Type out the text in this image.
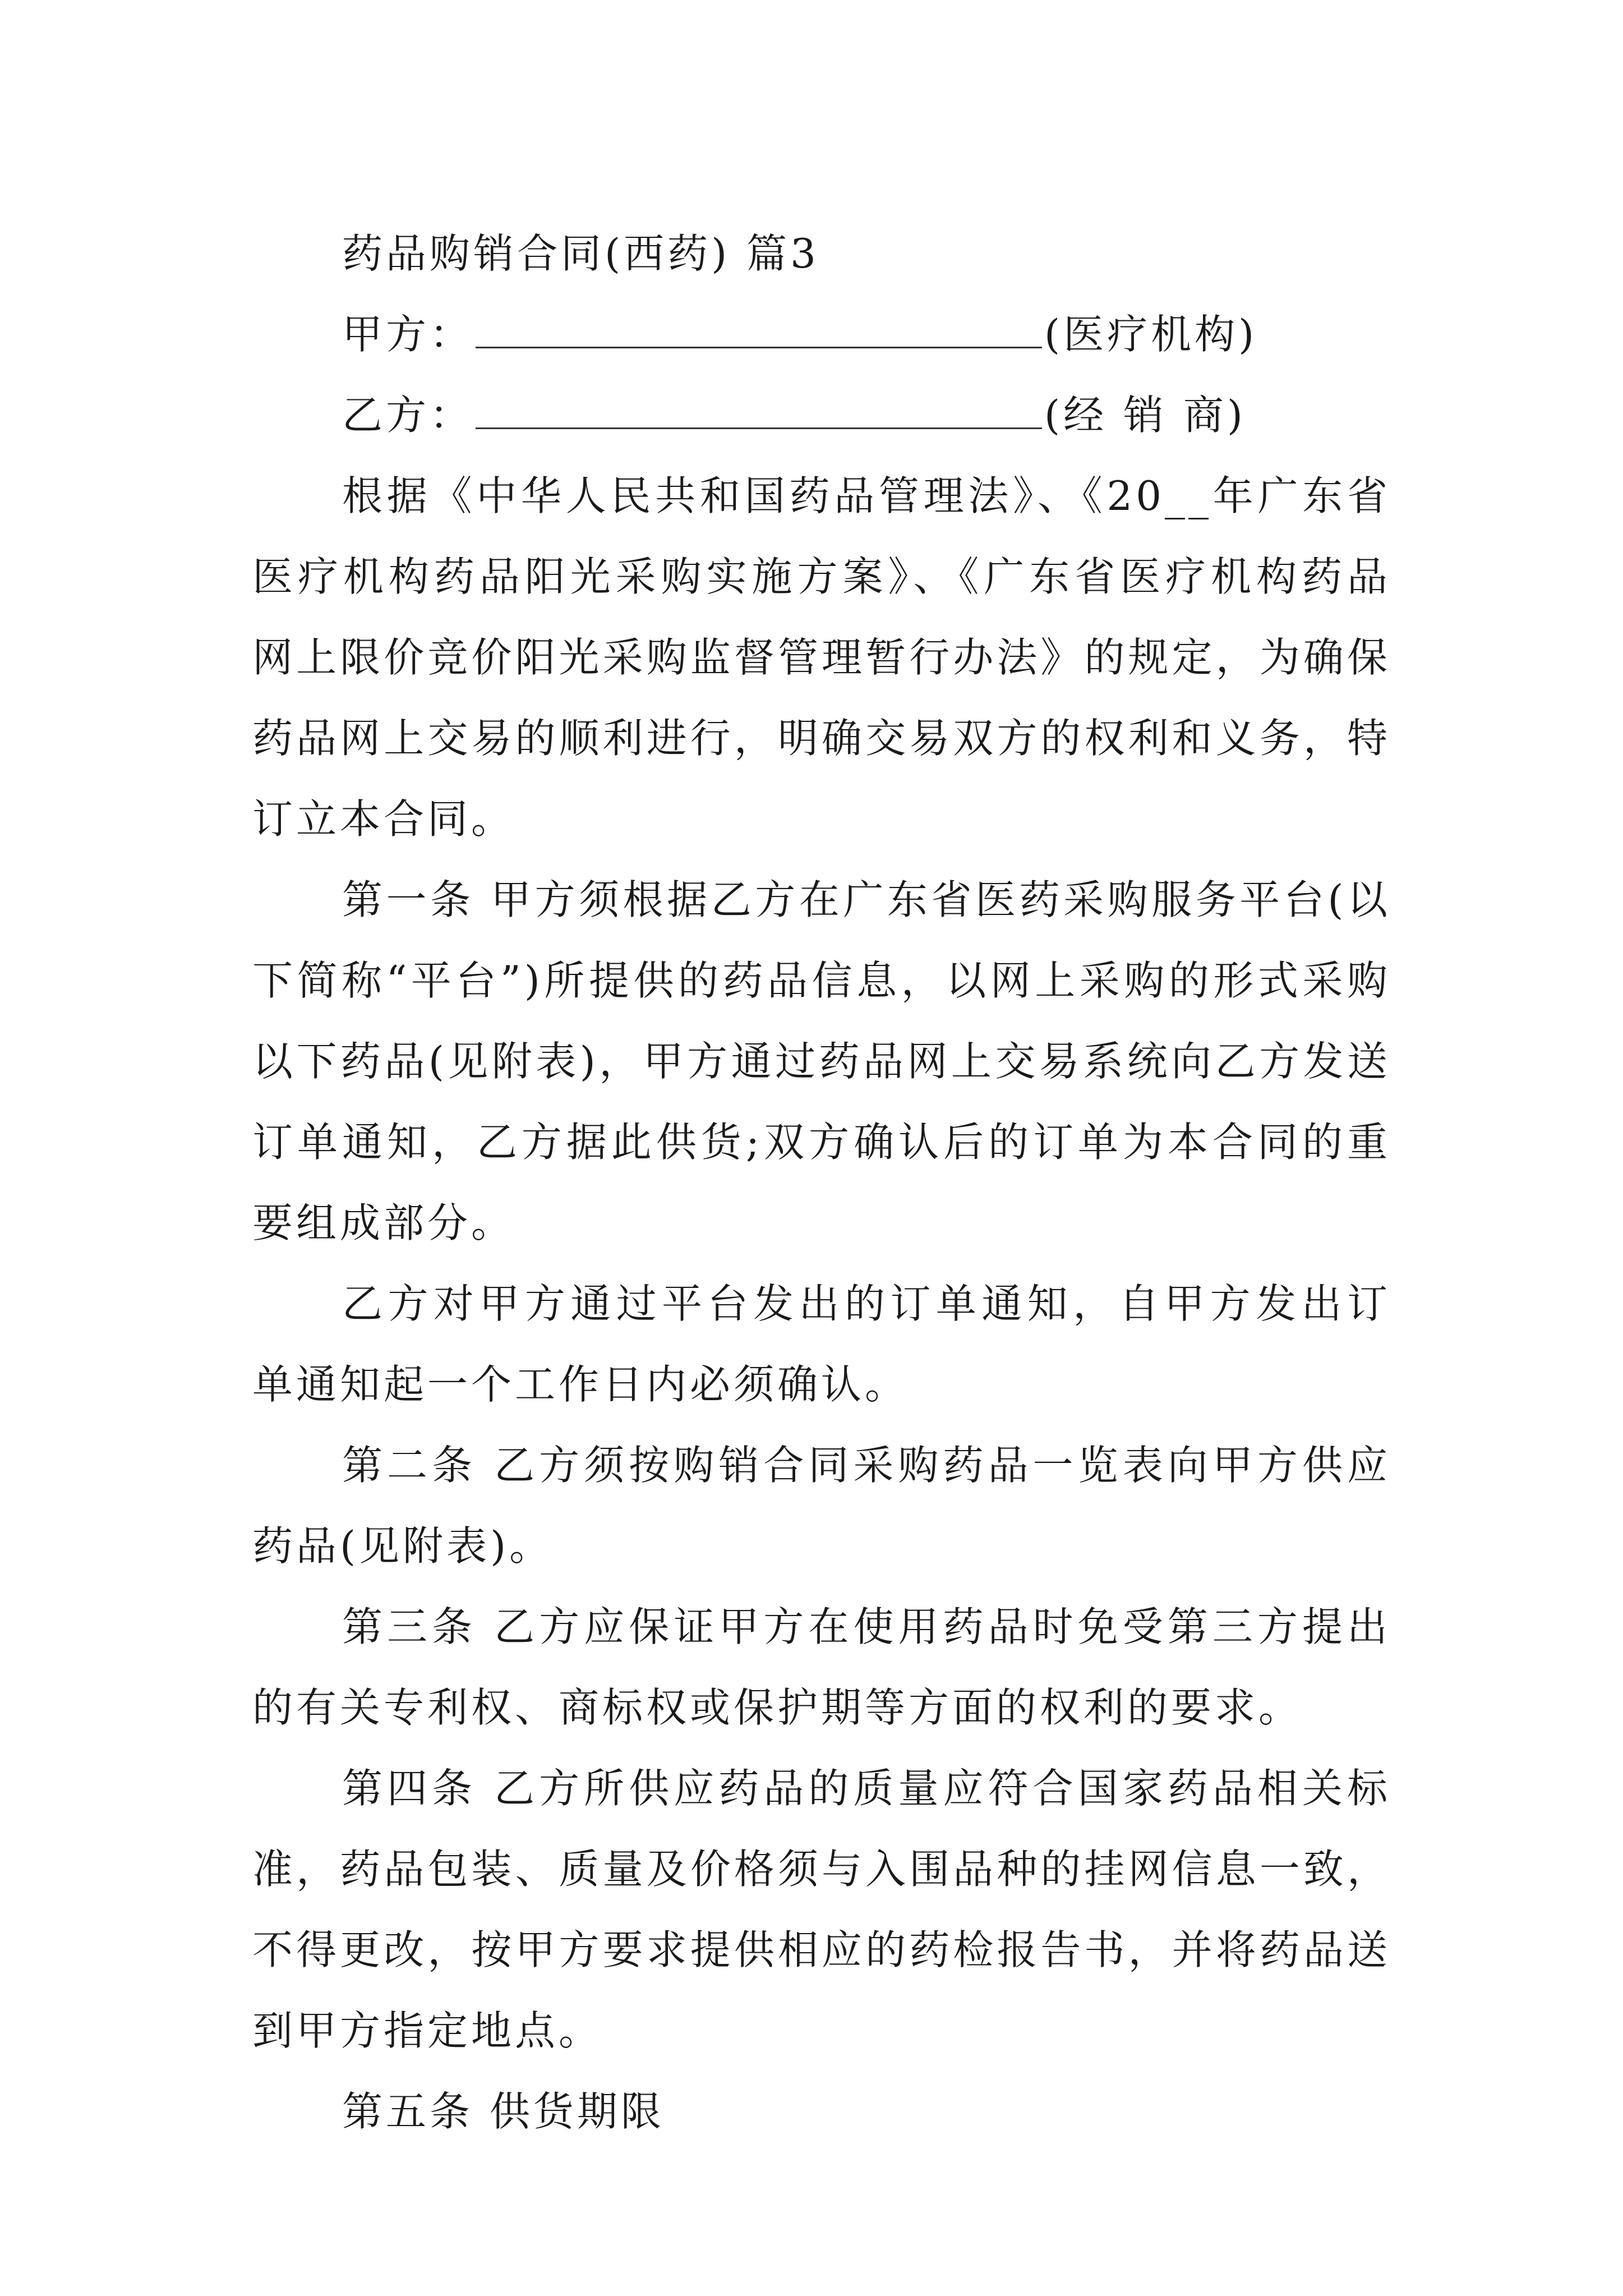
药品购销合同(西药) 篇3
甲方：	(医疗机构)
乙方：	(经 销 商)

根据《中华人民共和国药品管理法》、《20__年广东省医疗机构药品阳光采购实施方案》、《广东省医疗机构药品网上限价竞价阳光采购监督管理暂行办法》的规定，为确保药品网上交易的顺利进行，明确交易双方的权利和义务，特订立本合同。

第一条 甲方须根据乙方在广东省医药采购服务平台(以下简称“平台”)所提供的药品信息，以网上采购的形式采购以下药品(见附表)，甲方通过药品网上交易系统向乙方发送订单通知，乙方据此供货;双方确认后的订单为本合同的重要组成部分。

乙方对甲方通过平台发出的订单通知，自甲方发出订单通知起一个工作日内必须确认。

第二条 乙方须按购销合同采购药品一览表向甲方供应药品(见附表)。

第三条 乙方应保证甲方在使用药品时免受第三方提出的有关专利权、商标权或保护期等方面的权利的要求。

第四条 乙方所供应药品的质量应符合国家药品相关标准，药品包装、质量及价格须与入围品种的挂网信息一致，不得更改，按甲方要求提供相应的药检报告书，并将药品送到甲方指定地点。

第五条 供货期限
